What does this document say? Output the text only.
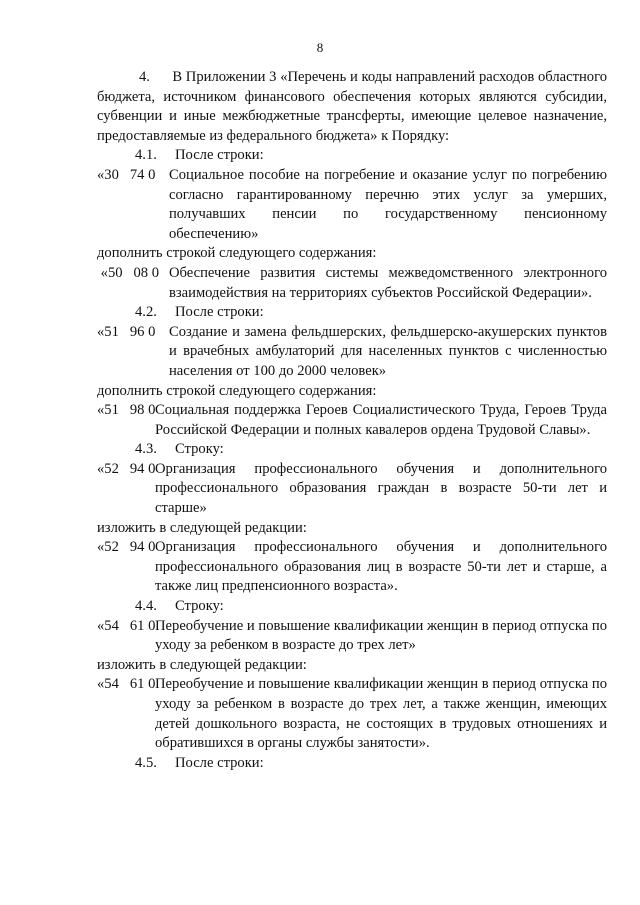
8

4.      В Приложении 3 «Перечень и коды направлений расходов областного бюджета, источником финансового обеспечения которых являются субсидии, субвенции и иные межбюджетные трансферты, имеющие целевое назначение, предоставляемые из федерального бюджета» к Порядку:

4.1. После строки:

«30   74 0 Социальное пособие на погребение и оказание услуг по погребению согласно гарантированному перечню этих услуг за умерших, получавших пенсии по государственному пенсионному обеспечению»

дополнить строкой следующего содержания:

«50   08 0 Обеспечение развития системы межведомственного электронного взаимодействия на территориях субъектов Российской Федерации».

4.2. После строки:

«51   96 0 Создание и замена фельдшерских, фельдшерско-акушерских пунктов и врачебных амбулаторий для населенных пунктов с численностью населения от 100 до 2000 человек»

дополнить строкой следующего содержания:

«51   98 0 Социальная поддержка Героев Социалистического Труда, Героев Труда Российской Федерации и полных кавалеров ордена Трудовой Славы».

4.3. Строку:

«52   94 0 Организация профессионального обучения и дополнительного профессионального образования граждан в возрасте 50-ти лет и старше»

изложить в следующей редакции:

«52   94 0 Организация профессионального обучения и дополнительного профессионального образования лиц в возрасте 50-ти лет и старше, а также лиц предпенсионного возраста».

4.4. Строку:

«54   61 0 Переобучение и повышение квалификации женщин в период отпуска по уходу за ребенком в возрасте до трех лет»

изложить в следующей редакции:

«54   61 0 Переобучение и повышение квалификации женщин в период отпуска по уходу за ребенком в возрасте до трех лет, а также женщин, имеющих детей дошкольного возраста, не состоящих в трудовых отношениях и обратившихся в органы службы занятости».

4.5. После строки:
